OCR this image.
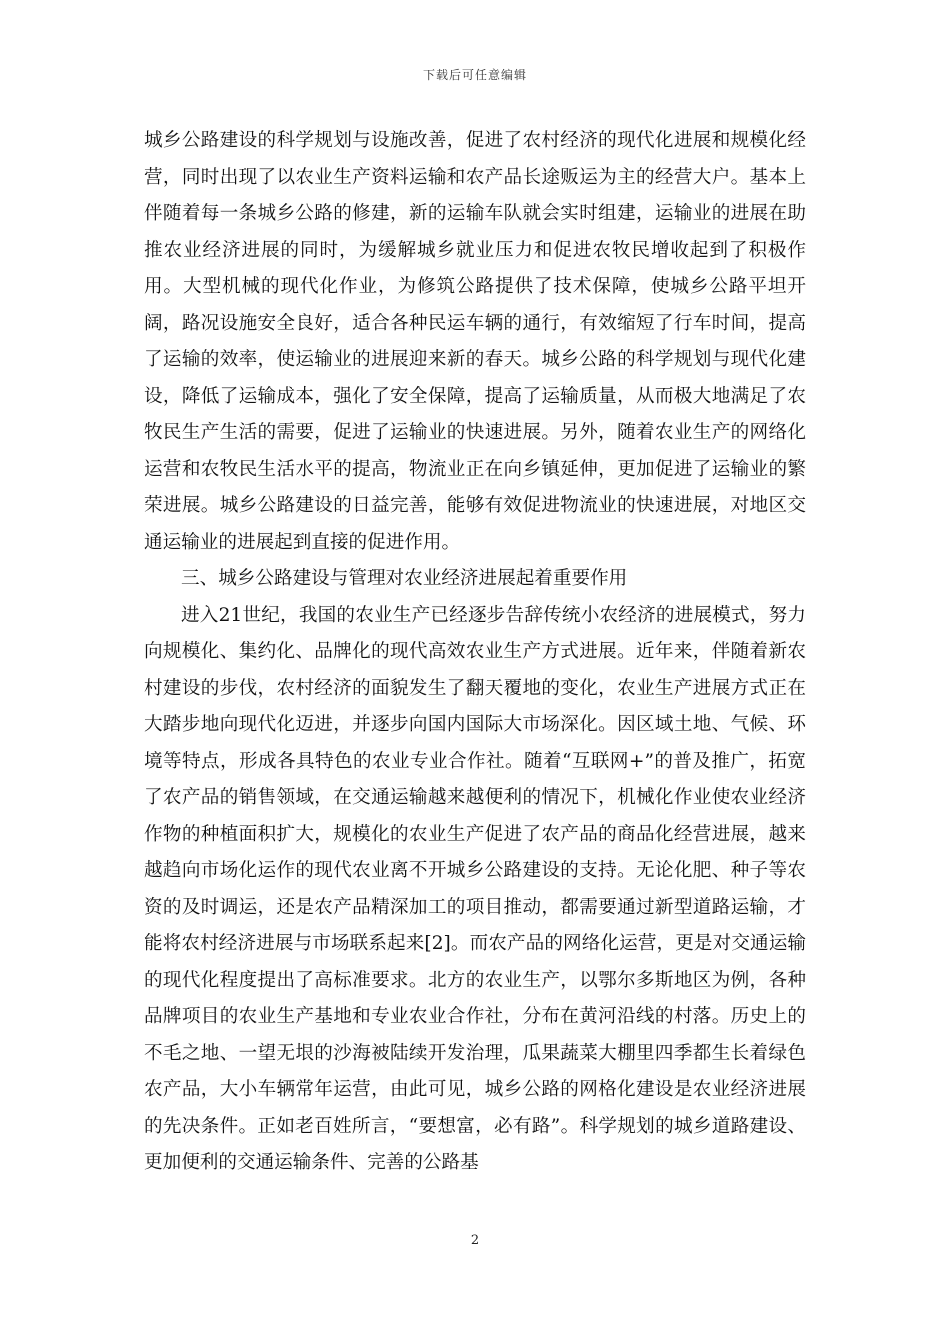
下载后可任意编辑

城乡公路建设的科学规划与设施改善，促进了农村经济的现代化进展和规模化经营，同时出现了以农业生产资料运输和农产品长途贩运为主的经营大户。基本上伴随着每一条城乡公路的修建，新的运输车队就会实时组建，运输业的进展在助推农业经济进展的同时，为缓解城乡就业压力和促进农牧民增收起到了积极作用。大型机械的现代化作业，为修筑公路提供了技术保障，使城乡公路平坦开阔，路况设施安全良好，适合各种民运车辆的通行，有效缩短了行车时间，提高了运输的效率，使运输业的进展迎来新的春天。城乡公路的科学规划与现代化建设，降低了运输成本，强化了安全保障，提高了运输质量，从而极大地满足了农牧民生产生活的需要，促进了运输业的快速进展。另外，随着农业生产的网络化运营和农牧民生活水平的提高，物流业正在向乡镇延伸，更加促进了运输业的繁荣进展。城乡公路建设的日益完善，能够有效促进物流业的快速进展，对地区交通运输业的进展起到直接的促进作用。

三、城乡公路建设与管理对农业经济进展起着重要作用

进入21世纪，我国的农业生产已经逐步告辞传统小农经济的进展模式，努力向规模化、集约化、品牌化的现代高效农业生产方式进展。近年来，伴随着新农村建设的步伐，农村经济的面貌发生了翻天覆地的变化，农业生产进展方式正在大踏步地向现代化迈进，并逐步向国内国际大市场深化。因区域土地、气候、环境等特点，形成各具特色的农业专业合作社。随着“互联网+”的普及推广，拓宽了农产品的销售领域，在交通运输越来越便利的情况下，机械化作业使农业经济作物的种植面积扩大，规模化的农业生产促进了农产品的商品化经营进展，越来越趋向市场化运作的现代农业离不开城乡公路建设的支持。无论化肥、种子等农资的及时调运，还是农产品精深加工的项目推动，都需要通过新型道路运输，才能将农村经济进展与市场联系起来[2]。而农产品的网络化运营，更是对交通运输的现代化程度提出了高标准要求。北方的农业生产，以鄂尔多斯地区为例，各种品牌项目的农业生产基地和专业农业合作社，分布在黄河沿线的村落。历史上的不毛之地、一望无垠的沙海被陆续开发治理，瓜果蔬菜大棚里四季都生长着绿色农产品，大小车辆常年运营，由此可见，城乡公路的网格化建设是农业经济进展的先决条件。正如老百姓所言，“要想富，必有路”。科学规划的城乡道路建设、更加便利的交通运输条件、完善的公路基

2
